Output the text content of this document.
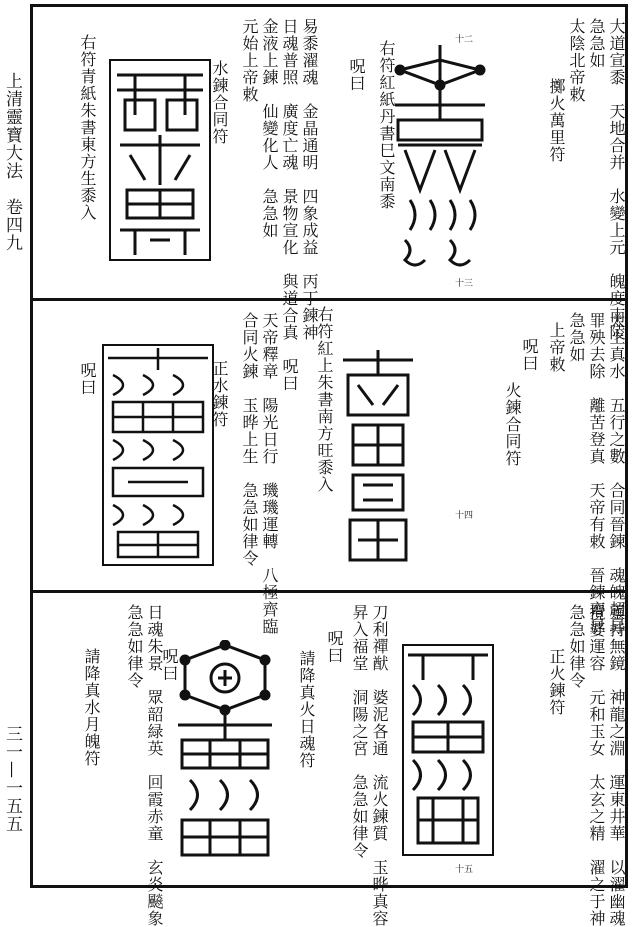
上清靈寶大法　卷四九
三一—一五五
大道宣黍　天地合并　水變上元　魄度南陵
急急如
太陰北帝敕
擲火萬里符
右符紅紙丹書巳文南黍
呪曰
易黍濯魂　金晶通明　四象成益　丙丁鍊神
日魂普照　廣度亡魂　景物宣化　與道合真
金液上鍊　仙變化人　急急如
元始上帝敕
水鍊合同符
右符青紙朱書東方生黍入	十二
十三
太上真水　五行之數　合同晉鍊　魂魄超昇
罪殃去除　離苦登真　天帝有敕　晉鍊齊昇
急急如
上帝敕
呪曰
火鍊合同符
右符紅上朱書南方旺黍入
天帝釋章　陽光日行　璣璣運轉　八極齊臨
合同火鍊　玉晔上生　急急如律令
正水鍊符	呪曰
呪曰
十四
靈持無鏡　神龍之淵　運東井華　以濯幽魂
攪婆運容　元和玉女　太玄之精　濯之于神
急急如律令
正火鍊符
刀利禪猷　婆泥各通　流火鍊質　玉晔真容
昇入福堂　洞陽之宮　急急如律令
呪曰
請降真火日魂符
日魂朱景　眾韶緑英　回霞赤童　玄炎飈象
急急如律令 呪曰
請降真水月魄符
十五
